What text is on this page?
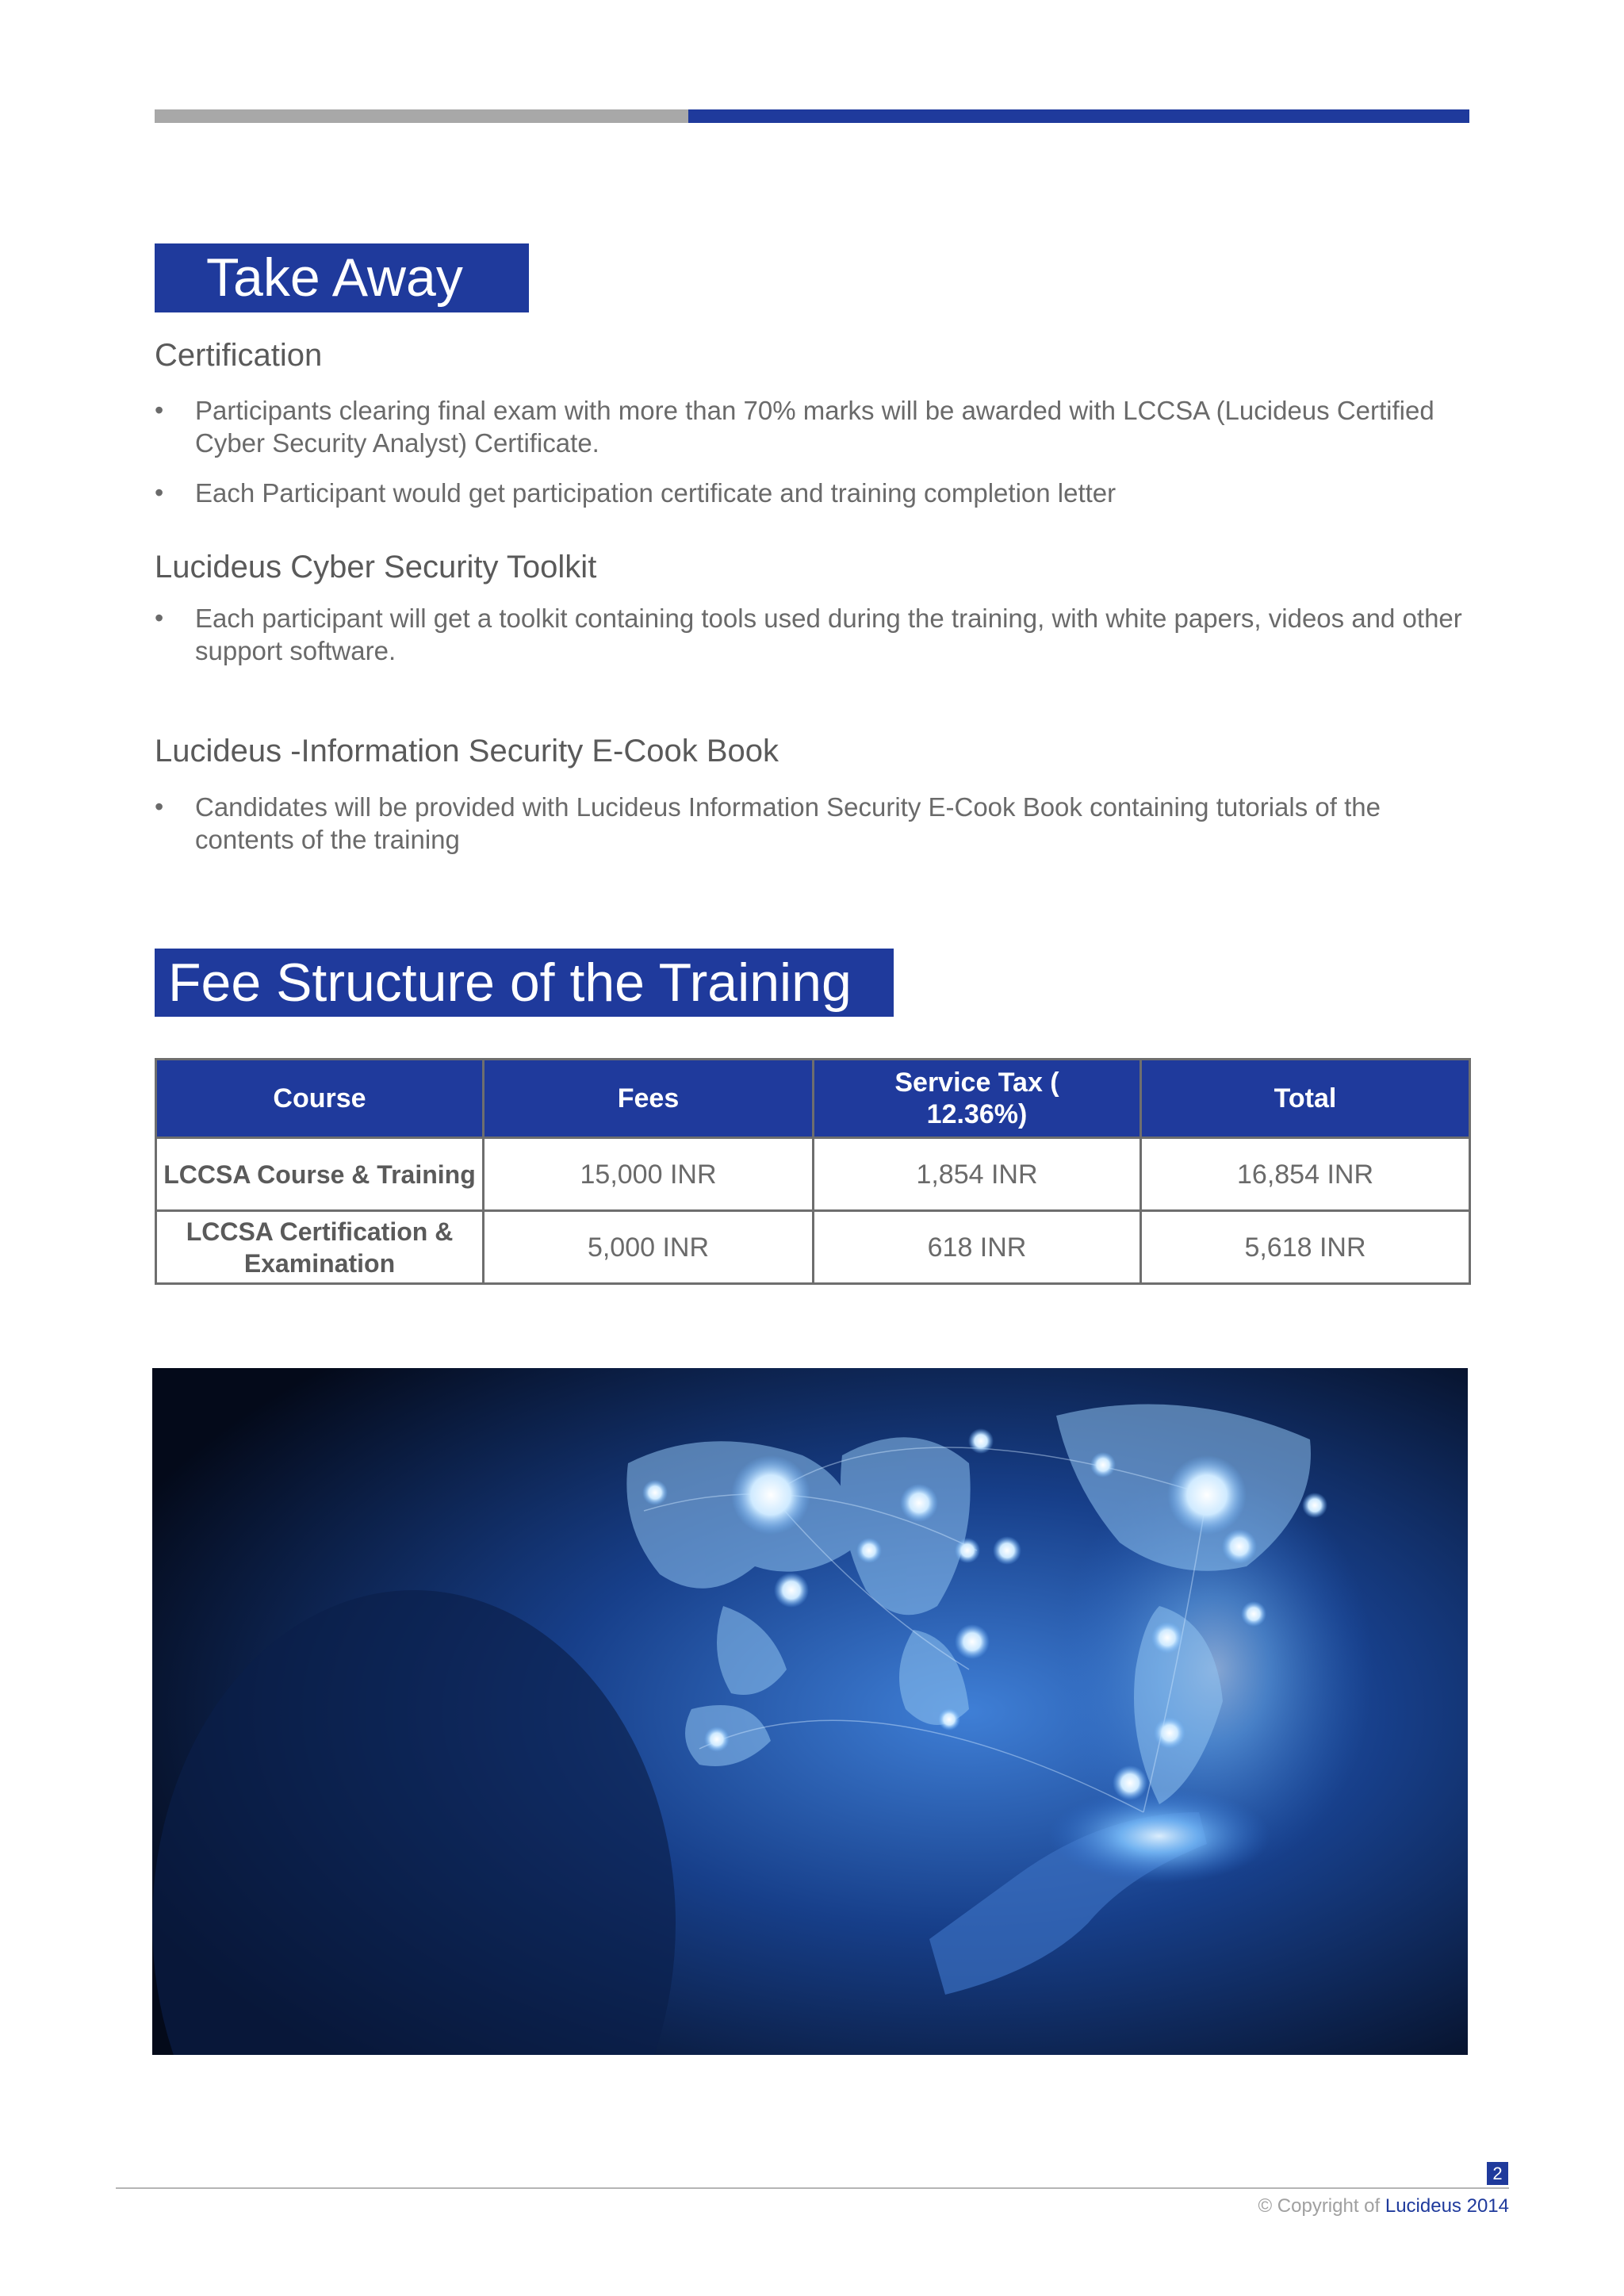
Take Away
Certification
• Participants clearing final exam with more than 70% marks will be awarded with LCCSA (Lucideus Certified Cyber Security Analyst) Certificate.
• Each Participant would get participation certificate and training completion letter
Lucideus Cyber Security Toolkit
• Each participant will get a toolkit containing tools used during the training, with white papers, videos and other support software.
Lucideus -Information Security E-Cook Book
• Candidates will be provided with Lucideus Information Security E-Cook Book containing tutorials of the contents of the training
Fee Structure of the Training
Course	Fees	Service Tax ( 12.36%)	Total
LCCSA Course & Training	15,000 INR	1,854 INR	16,854 INR
LCCSA Certification & Examination	5,000 INR	618 INR	5,618 INR
2
© Copyright of Lucideus 2014
